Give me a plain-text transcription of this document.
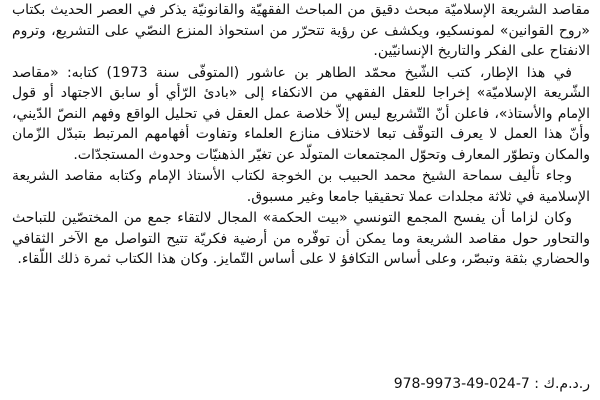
مقاصد الشريعة الإسلاميّة مبحث دقيق من المباحث الفقهيّة والقانونيّة يذكر في العصر الحديث بكتاب «روح القوانين» لمونسكيو، ويكشف عن رؤية تتحرّر من استحواذ المنزع النصّي على التشريع، وتروم الانفتاح على الفكر والتاريخ الإنسانيّين.

في هذا الإطار، كتب الشّيخ محمّد الطاهر بن عاشور (المتوفّى سنة 1973) كتابه: «مقاصد الشّريعة الإسلاميّة» إخراجا للعقل الفقهي من الانكفاء إلى «بادئ الرّأي أو سابق الاجتهاد أو قول الإمام والأستاذ»، فاعلن أنّ التّشريع ليس إلاّ خلاصة عمل العقل في تحليل الواقع وفهم النصّ الدّيني، وأنّ هذا العمل لا يعرف التوقّف تبعا لاختلاف منازع العلماء وتفاوت أفهامهم المرتبط بتبدّل الزّمان والمكان وتطوّر المعارف وتحوّل المجتمعات المتولّد عن تغيّر الذهنيّات وحدوث المستجدّات.

وجاء تأليف سماحة الشيخ محمد الحبيب بن الخوجة لكتاب الأستاذ الإمام وكتابه مقاصد الشريعة الإسلامية في ثلاثة مجلدات عملا تحقيقيا جامعا وغير مسبوق.

وكان لزاما أن يفسح المجمع التونسي «بيت الحكمة» المجال لالتقاء جمع من المختصّين للتباحث والتحاور حول مقاصد الشريعة وما يمكن أن توفّره من أرضية فكريّة تتيح التواصل مع الآخر الثقافي والحضاري بثقة وتبصّر، وعلى أساس التكافؤ لا على أساس التّمايز. وكان هذا الكتاب ثمرة ذلك اللّقاء.

ر.د.م.ك : 7-024-49-9973-978
